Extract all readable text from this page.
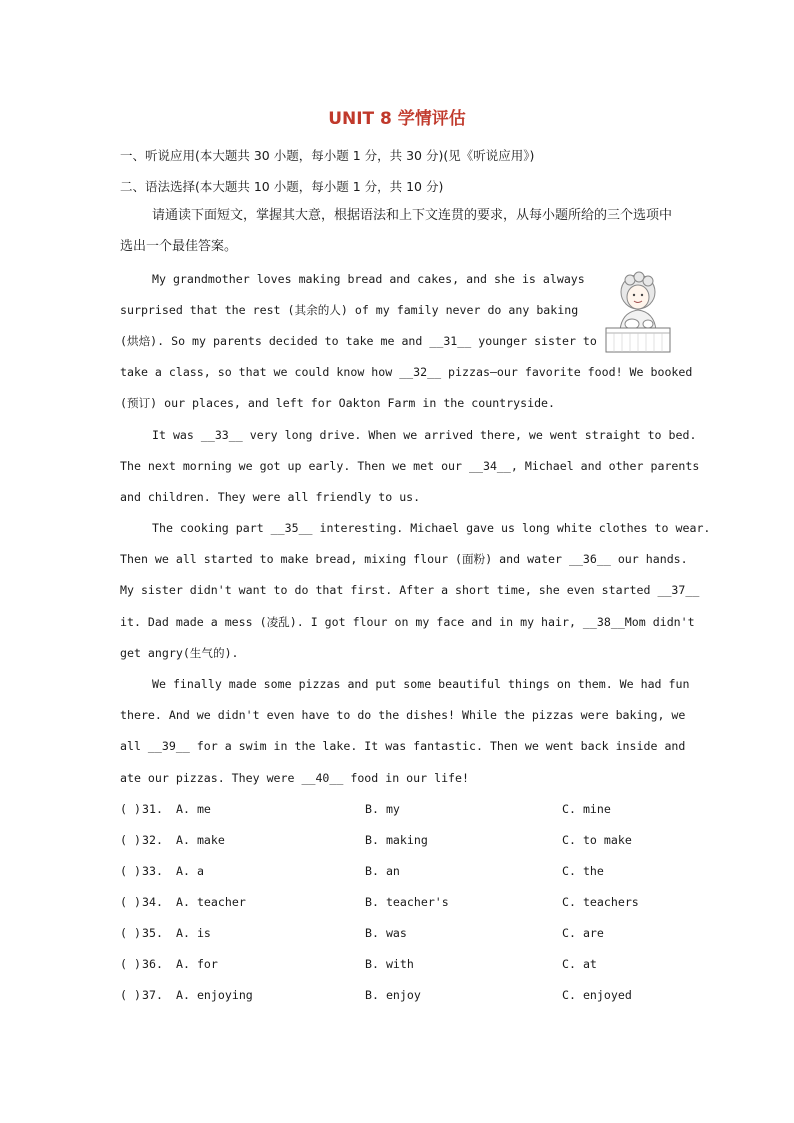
UNIT 8 学情评估
一、听说应用(本大题共 30 小题，每小题 1 分，共 30 分)(见《听说应用》)
二、语法选择(本大题共 10 小题，每小题 1 分，共 10 分)
请通读下面短文，掌握其大意，根据语法和上下文连贯的要求，从每小题所给的三个选项中选出一个最佳答案。
My grandmother loves making bread and cakes, and she is always
surprised that the rest (其余的人) of my family never do any baking
(烘焙). So my parents decided to take me and __31__ younger sister to
take a class, so that we could know how __32__ pizzas—our favorite food! We booked
(预订) our places, and left for Oakton Farm in the countryside.
It was __33__ very long drive. When we arrived there, we went straight to bed.
The next morning we got up early. Then we met our __34__, Michael and other parents
and children. They were all friendly to us.
The cooking part __35__ interesting. Michael gave us long white clothes to wear.
Then we all started to make bread, mixing flour (面粉) and water __36__ our hands.
My sister didn't want to do that first. After a short time, she even started __37__
it. Dad made a mess (凌乱). I got flour on my face and in my hair, __38__Mom didn't
get angry(生气的).
We finally made some pizzas and put some beautiful things on them. We had fun
there. And we didn't even have to do the dishes! While the pizzas were baking, we
all __39__ for a swim in the lake. It was fantastic. Then we went back inside and
ate our pizzas. They were __40__ food in our life!
( ) 31. A. me	B. my	C. mine
( ) 32. A. make	B. making	C. to make
( ) 33. A. a	B. an	C. the
( ) 34. A. teacher	B. teacher's	C. teachers
( ) 35. A. is	B. was	C. are
( ) 36. A. for	B. with	C. at
( ) 37. A. enjoying	B. enjoy	C. enjoyed
